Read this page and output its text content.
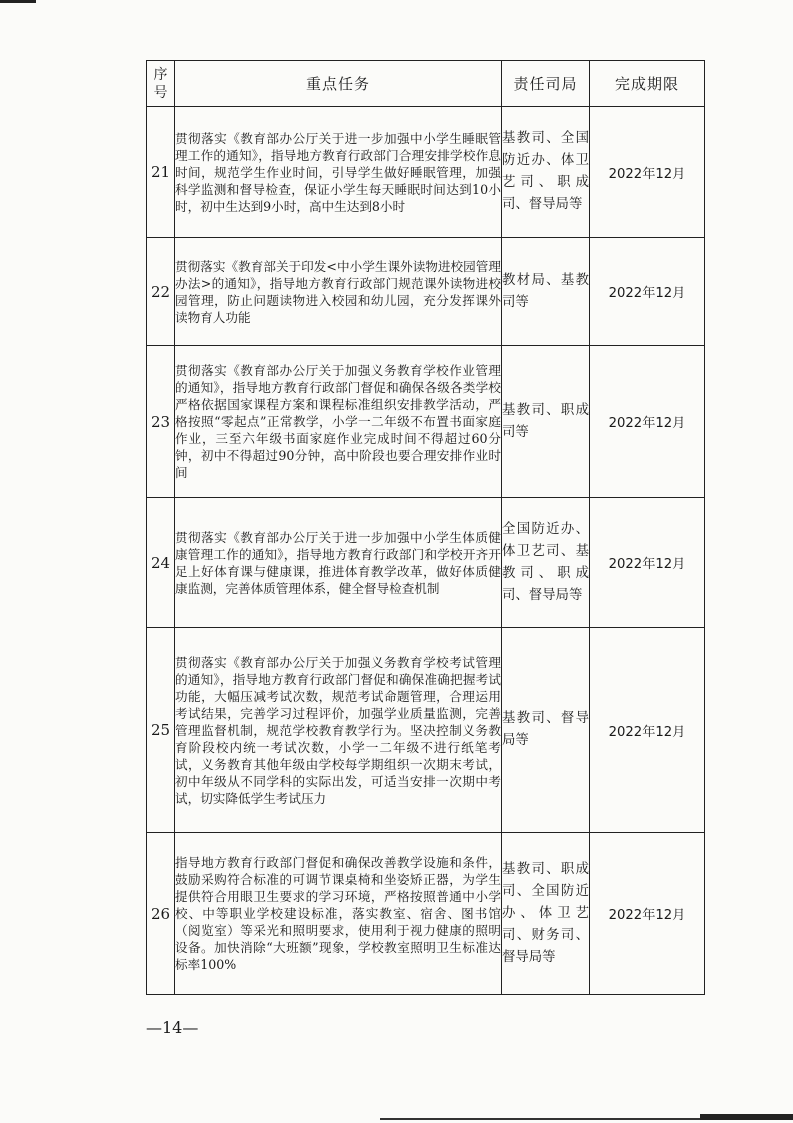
序号	重点任务	责任司局	完成期限
21	贯彻落实《教育部办公厅关于进一步加强中小学生睡眠管理工作的通知》，指导地方教育行政部门合理安排学校作息时间，规范学生作业时间，引导学生做好睡眠管理，加强科学监测和督导检查，保证小学生每天睡眠时间达到10小时，初中生达到9小时，高中生达到8小时	基教司、全国防近办、体卫艺司、职成司、督导局等	2022年12月
22	贯彻落实《教育部关于印发<中小学生课外读物进校园管理办法>的通知》，指导地方教育行政部门规范课外读物进校园管理，防止问题读物进入校园和幼儿园，充分发挥课外读物育人功能	教材局、基教司等	2022年12月
23	贯彻落实《教育部办公厅关于加强义务教育学校作业管理的通知》，指导地方教育行政部门督促和确保各级各类学校严格依据国家课程方案和课程标准组织安排教学活动，严格按照“零起点”正常教学，小学一二年级不布置书面家庭作业，三至六年级书面家庭作业完成时间不得超过60分钟，初中不得超过90分钟，高中阶段也要合理安排作业时间	基教司、职成司等	2022年12月
24	贯彻落实《教育部办公厅关于进一步加强中小学生体质健康管理工作的通知》，指导地方教育行政部门和学校开齐开足上好体育课与健康课，推进体育教学改革，做好体质健康监测，完善体质管理体系，健全督导检查机制	全国防近办、体卫艺司、基教司、职成司、督导局等	2022年12月
25	贯彻落实《教育部办公厅关于加强义务教育学校考试管理的通知》，指导地方教育行政部门督促和确保准确把握考试功能，大幅压减考试次数，规范考试命题管理，合理运用考试结果，完善学习过程评价，加强学业质量监测，完善管理监督机制，规范学校教育教学行为。坚决控制义务教育阶段校内统一考试次数，小学一二年级不进行纸笔考试，义务教育其他年级由学校每学期组织一次期末考试，初中年级从不同学科的实际出发，可适当安排一次期中考试，切实降低学生考试压力	基教司、督导局等	2022年12月
26	指导地方教育行政部门督促和确保改善教学设施和条件，鼓励采购符合标准的可调节课桌椅和坐姿矫正器，为学生提供符合用眼卫生要求的学习环境，严格按照普通中小学校、中等职业学校建设标准，落实教室、宿舍、图书馆（阅览室）等采光和照明要求，使用利于视力健康的照明设备。加快消除“大班额”现象，学校教室照明卫生标准达标率100%	基教司、职成司、全国防近办、体卫艺司、财务司、督导局等	2022年12月
—14—
